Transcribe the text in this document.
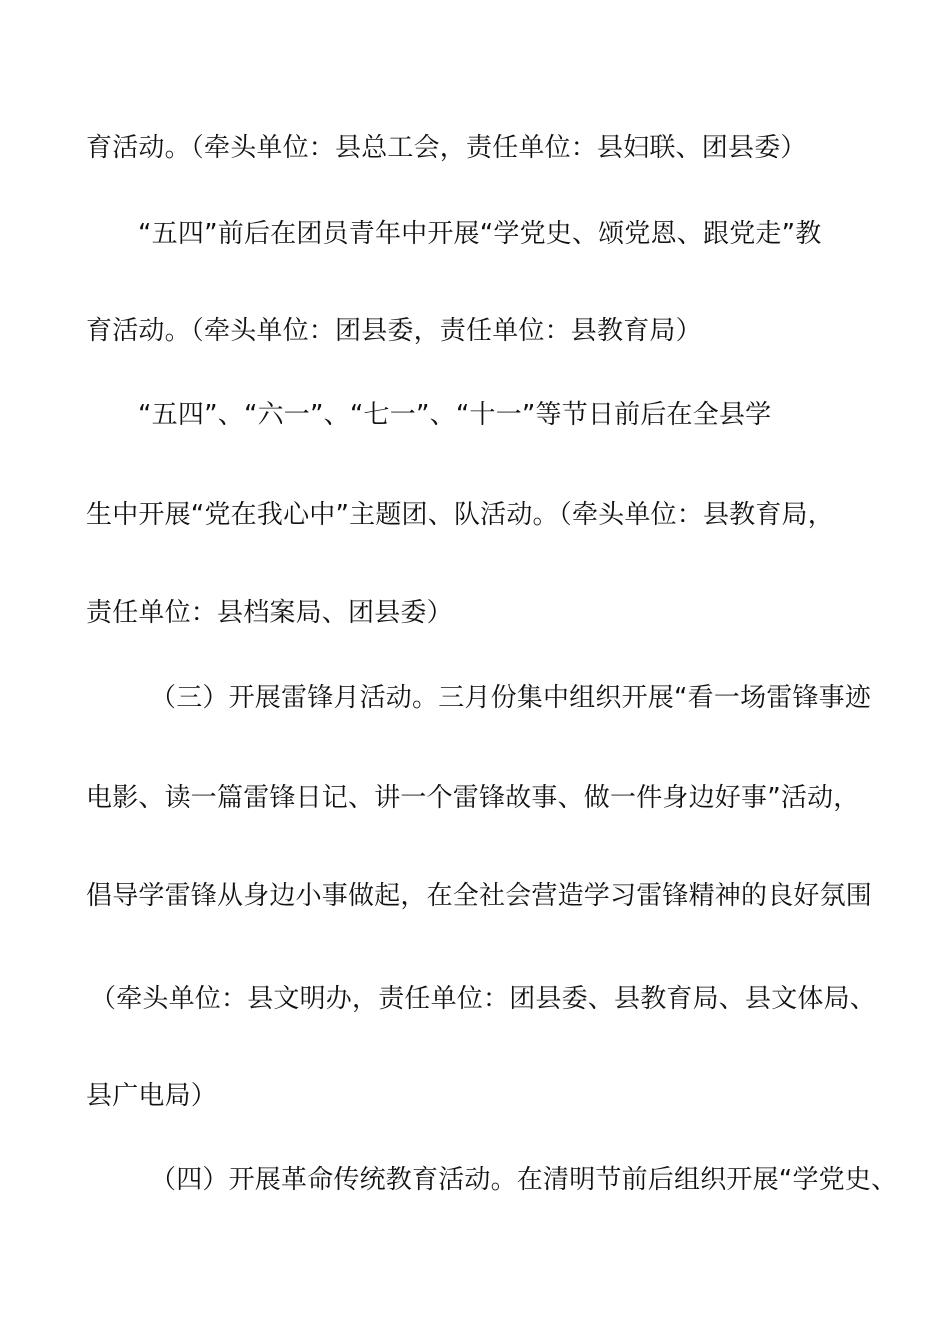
育活动。（牵头单位：县总工会，责任单位：县妇联、团县委）
“五四”前后在团员青年中开展“学党史、颂党恩、跟党走”教
育活动。（牵头单位：团县委，责任单位：县教育局）
“五四”、“六一”、“七一”、“十一”等节日前后在全县学
生中开展“党在我心中”主题团、队活动。（牵头单位：县教育局，
责任单位：县档案局、团县委）
（三）开展雷锋月活动。三月份集中组织开展“看一场雷锋事迹
电影、读一篇雷锋日记、讲一个雷锋故事、做一件身边好事”活动，
倡导学雷锋从身边小事做起，在全社会营造学习雷锋精神的良好氛围
（牵头单位：县文明办，责任单位：团县委、县教育局、县文体局、
县广电局）
（四）开展革命传统教育活动。在清明节前后组织开展“学党史、
